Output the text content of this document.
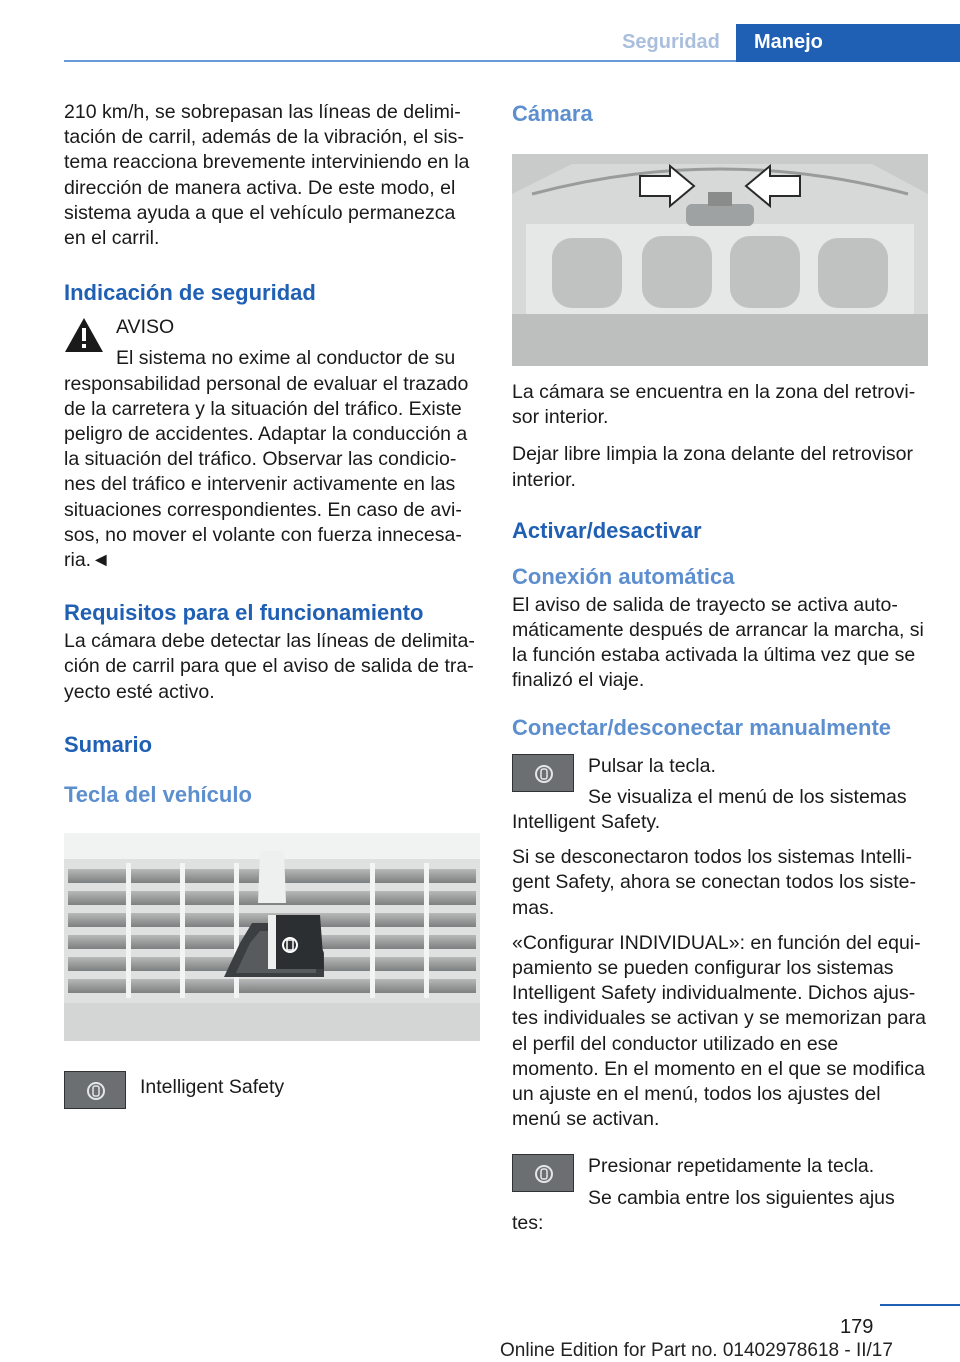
Seguridad	Manejo

210 km/h, se sobrepasan las líneas de delimitación de carril, además de la vibración, el sistema reacciona brevemente interviniendo en la dirección de manera activa. De este modo, el sistema ayuda a que el vehículo permanezca en el carril.

Indicación de seguridad

AVISO

El sistema no exime al conductor de su

responsabilidad personal de evaluar el trazado de la carretera y la situación del tráfico. Existe peligro de accidentes. Adaptar la conducción a la situación del tráfico. Observar las condiciones del tráfico e intervenir activamente en las situaciones correspondientes. En caso de avisos, no mover el volante con fuerza innecesaria.◄

Requisitos para el funcionamiento

La cámara debe detectar las líneas de delimitación de carril para que el aviso de salida de trayecto esté activo.

Sumario
Tecla del vehículo

Intelligent Safety

Cámara

La cámara se encuentra en la zona del retrovisor interior.

Dejar libre limpia la zona delante del retrovisor interior.

Activar/desactivar
Conexión automática

El aviso de salida de trayecto se activa automáticamente después de arrancar la marcha, si la función estaba activada la última vez que se finalizó el viaje.

Conectar/desconectar manualmente

Pulsar la tecla.

Se visualiza el menú de los sistemas

Intelligent Safety.

Si se desconectaron todos los sistemas Intelligent Safety, ahora se conectan todos los sistemas.

«Configurar INDIVIDUAL»: en función del equipamiento se pueden configurar los sistemas Intelligent Safety individualmente. Dichos ajustes individuales se activan y se memorizan para el perfil del conductor utilizado en ese momento. En el momento en el que se modifica un ajuste en el menú, todos los ajustes del menú se activan.

Presionar repetidamente la tecla.

Se cambia entre los siguientes ajus

tes:

179
Online Edition for Part no. 01402978618 - II/17
